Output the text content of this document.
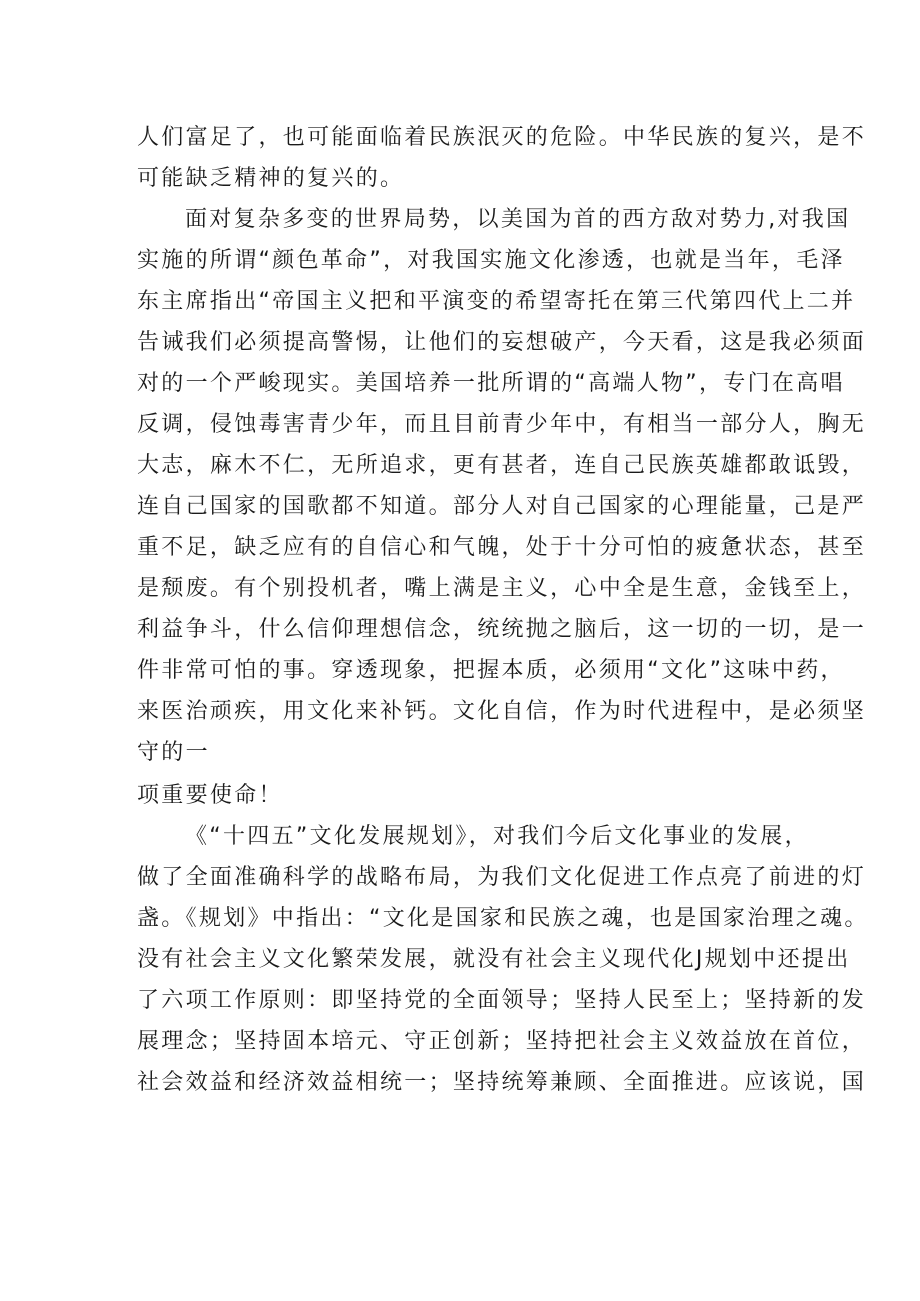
人们富足了，也可能面临着民族泯灭的危险。中华民族的复兴，是不

可能缺乏精神的复兴的。

面对复杂多变的世界局势，以美国为首的西方敌对势力,对我国

实施的所谓“颜色革命”，对我国实施文化渗透，也就是当年，毛泽

东主席指出“帝国主义把和平演变的希望寄托在第三代第四代上二并

告诫我们必须提高警惕，让他们的妄想破产，今天看，这是我必须面

对的一个严峻现实。美国培养一批所谓的“高端人物”，专门在高唱

反调，侵蚀毒害青少年，而且目前青少年中，有相当一部分人，胸无

大志，麻木不仁，无所追求，更有甚者，连自己民族英雄都敢诋毁，

连自己国家的国歌都不知道。部分人对自己国家的心理能量，己是严

重不足，缺乏应有的自信心和气魄，处于十分可怕的疲惫状态，甚至

是颓废。有个别投机者，嘴上满是主义，心中全是生意，金钱至上，

利益争斗，什么信仰理想信念，统统抛之脑后，这一切的一切，是一

件非常可怕的事。穿透现象，把握本质，必须用“文化”这味中药，

来医治顽疾，用文化来补钙。文化自信，作为时代进程中，是必须坚

守的一

项重要使命！

《“十四五”文化发展规划》，对我们今后文化事业的发展，

做了全面准确科学的战略布局，为我们文化促进工作点亮了前进的灯

盏。《规划》中指出：“文化是国家和民族之魂，也是国家治理之魂。

没有社会主义文化繁荣发展，就没有社会主义现代化J规划中还提出

了六项工作原则：即坚持党的全面领导；坚持人民至上；坚持新的发

展理念；坚持固本培元、守正创新；坚持把社会主义效益放在首位，

社会效益和经济效益相统一；坚持统筹兼顾、全面推进。应该说，国
